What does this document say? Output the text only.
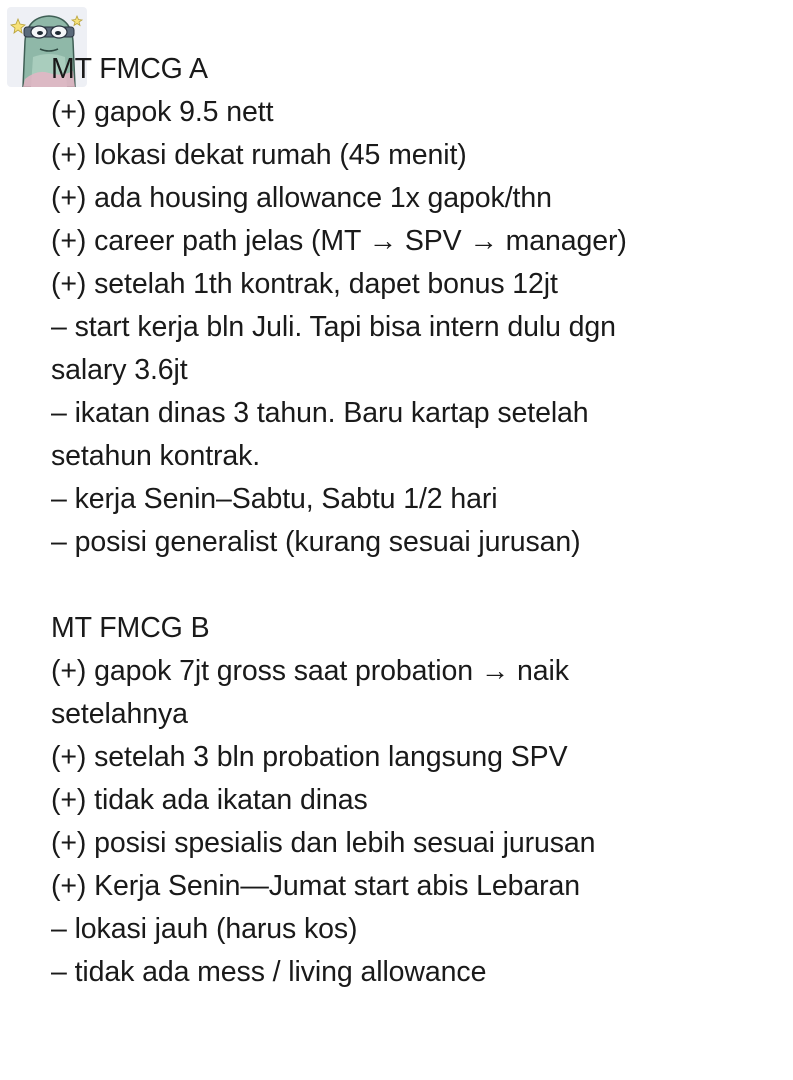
MT FMCG A
(+) gapok 9.5 nett
(+) lokasi dekat rumah (45 menit)
(+) ada housing allowance 1x gapok/thn
(+) career path jelas (MT → SPV → manager)
(+) setelah 1th kontrak, dapet bonus 12jt
– start kerja bln Juli. Tapi bisa intern dulu dgn
salary 3.6jt
– ikatan dinas 3 tahun. Baru kartap setelah
setahun kontrak.
– kerja Senin–Sabtu, Sabtu 1/2 hari
– posisi generalist (kurang sesuai jurusan)
MT FMCG B
(+) gapok 7jt gross saat probation → naik
setelahnya
(+) setelah 3 bln probation langsung SPV
(+) tidak ada ikatan dinas
(+) posisi spesialis dan lebih sesuai jurusan
(+) Kerja Senin—Jumat start abis Lebaran
– lokasi jauh (harus kos)
– tidak ada mess / living allowance
